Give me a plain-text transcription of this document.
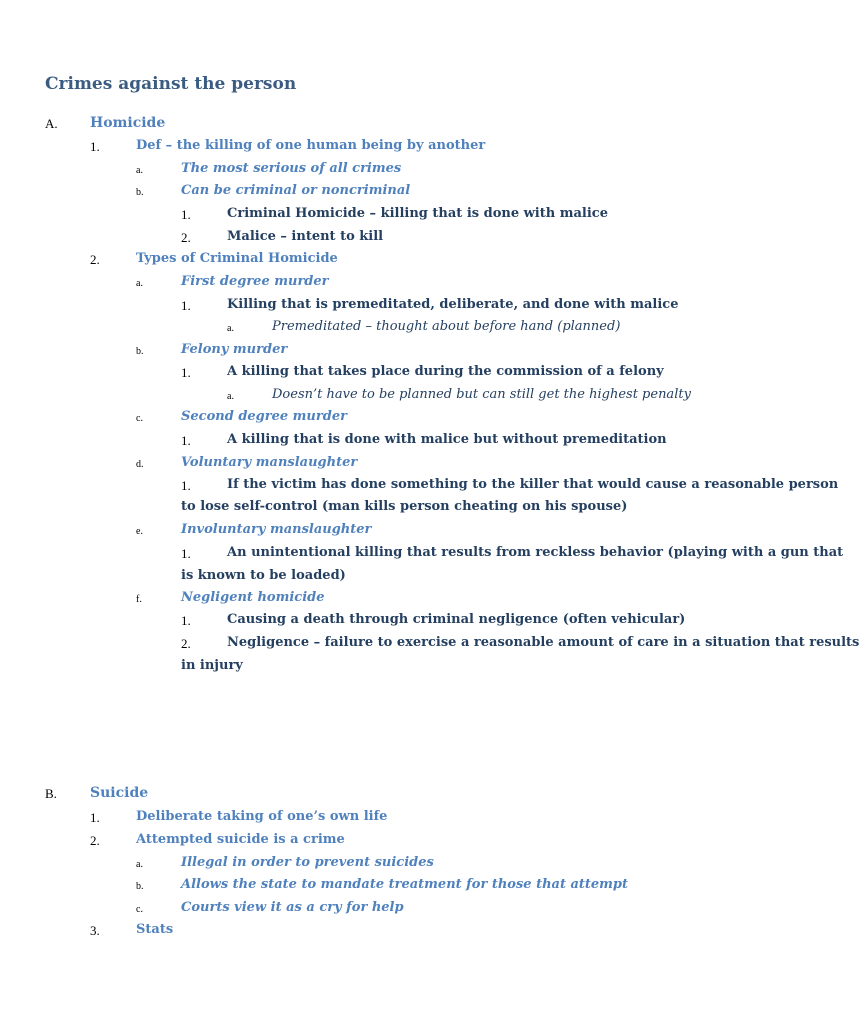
Crimes against the person
A. Homicide
1.	Def – the killing of one human being by another
a.	The most serious of all crimes
b.	Can be criminal or noncriminal
1.	Criminal Homicide – killing that is done with malice
2.	Malice – intent to kill
2.	Types of Criminal Homicide
a.	First degree murder
1.	Killing that is premeditated, deliberate, and done with malice
a.	Premeditated – thought about before hand (planned)
b.	Felony murder
1.	A killing that takes place during the commission of a felony
a.	Doesn’t have to be planned but can still get the highest penalty
c.	Second degree murder
1.	A killing that is done with malice but without premeditation
d.	Voluntary manslaughter
1.	If the victim has done something to the killer that would cause a reasonable person
to lose self-control (man kills person cheating on his spouse)
e.	Involuntary manslaughter
1.	An unintentional killing that results from reckless behavior (playing with a gun that
is known to be loaded)
f.	Negligent homicide
1.	Causing a death through criminal negligence (often vehicular)
2.	Negligence – failure to exercise a reasonable amount of care in a situation that results
in injury
B. Suicide
1.	Deliberate taking of one’s own life
2.	Attempted suicide is a crime
a.	Illegal in order to prevent suicides
b.	Allows the state to mandate treatment for those that attempt
c.	Courts view it as a cry for help
3.	Stats
